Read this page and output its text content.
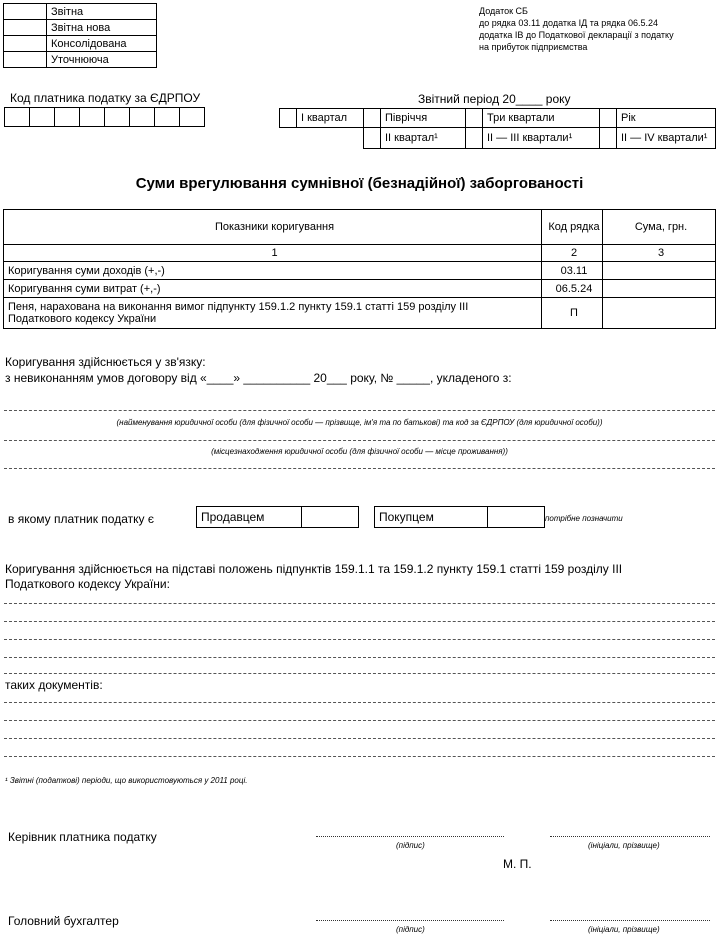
	Звітна
	Звітна нова
	Консолідована
	Уточнююча
Додаток СБ
до рядка 03.11 додатка ІД та рядка 06.5.24
додатка ІВ до Податкової декларації з податку
на прибуток підприємства
Код платника податку за ЄДРПОУ	Звітний період 20____ року
	І квартал		Півріччя		Три квартали		Рік
			ІІ квартал¹		ІІ — ІІІ квартали¹		ІІ — ІV квартали¹
Суми врегулювання сумнівної (безнадійної) заборгованості
Показники коригування	Код рядка	Сума, грн.
1	2	3
Коригування суми доходів (+,-)	03.11	
Коригування суми витрат (+,-)	06.5.24	
Пеня, нарахована на виконання вимог підпункту 159.1.2 пункту 159.1 статті 159 розділу ІІІ Податкового кодексу України	П	
Коригування здійснюється у зв'язку:
з невиконанням умов договору від «____» __________ 20___ року, № _____, укладеного з:
(найменування юридичної особи (для фізичної особи — прізвище, ім'я та по батькові) та код за ЄДРПОУ (для юридичної особи))
(місцезнаходження юридичної особи (для фізичної особи — місце проживання))
в якому платник податку є	Продавцем		Покупцем		потрібне позначити
Коригування здійснюється на підставі положень підпунктів 159.1.1 та 159.1.2 пункту 159.1 статті 159 розділу ІІІ Податкового кодексу України:
таких документів:
¹ Звітні (податкові) періоди, що використовуються у 2011 році.
Керівник платника податку
(підпис)	(ініціали, прізвище)
М. П.
Головний бухгалтер
(підпис)	(ініціали, прізвище)
